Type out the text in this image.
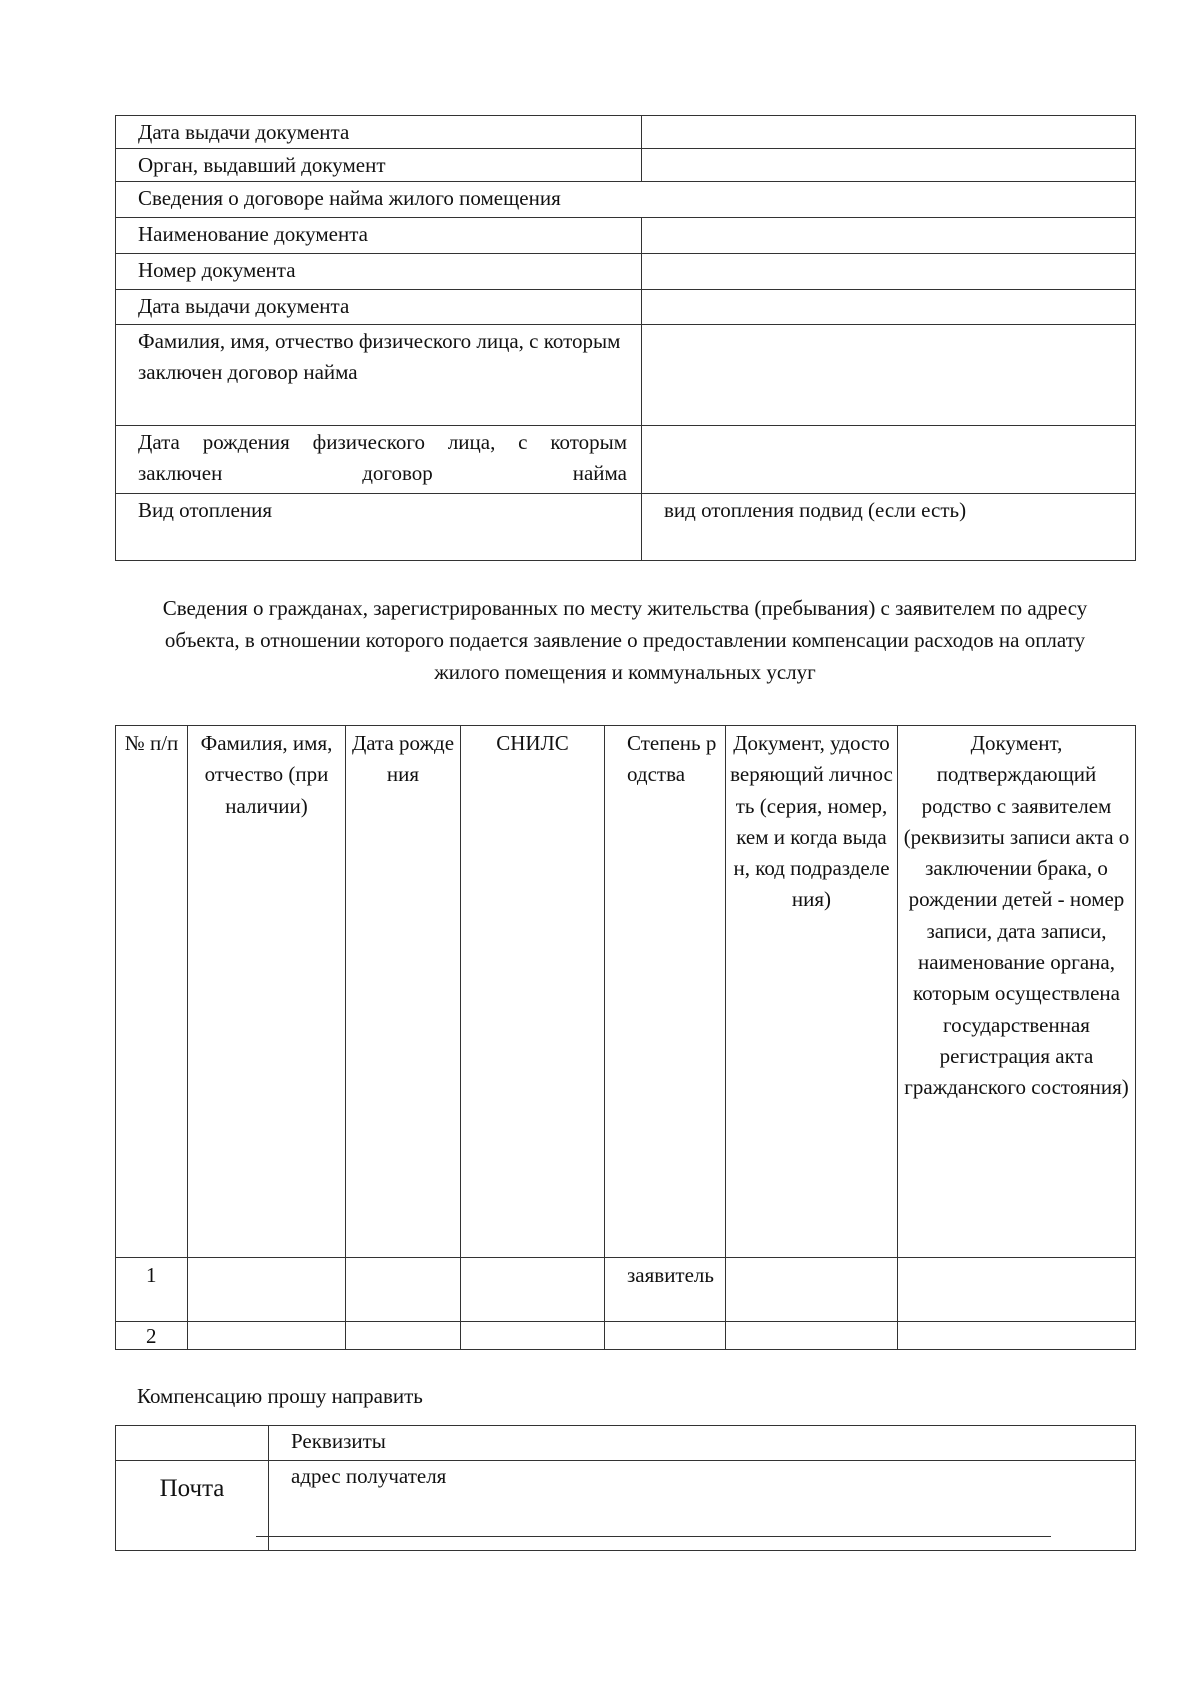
Дата выдачи документа	
Орган, выдавший документ	
Сведения о договоре найма жилого помещения	
Наименование документа	
Номер документа	
Дата выдачи документа	
Фамилия, имя, отчество физического лица, с которым заключен договор найма	
Дата рождения физического лица, с которым заключен договор найма	
Вид отопления	вид отопления подвид (если есть)
Сведения о гражданах, зарегистрированных по месту жительства (пребывания) с заявителем по адресу объекта, в отношении которого подается заявление о предоставлении компенсации расходов на оплату жилого помещения и коммунальных услуг
№ п/п	Фамилия, имя, отчество (при наличии)	Дата рождения	СНИЛС	Степень родства	Документ, удостоверяющий личность (серия, номер, кем и когда выдан, код подразделения)	Документ, подтверждающий родство с заявителем (реквизиты записи акта о заключении брака, о рождении детей - номер записи, дата записи, наименование органа, которым осуществлена государственная регистрация акта гражданского состояния)
1				заявитель		
2						
Компенсацию прошу направить
	Реквизиты
Почта	адрес получателя
